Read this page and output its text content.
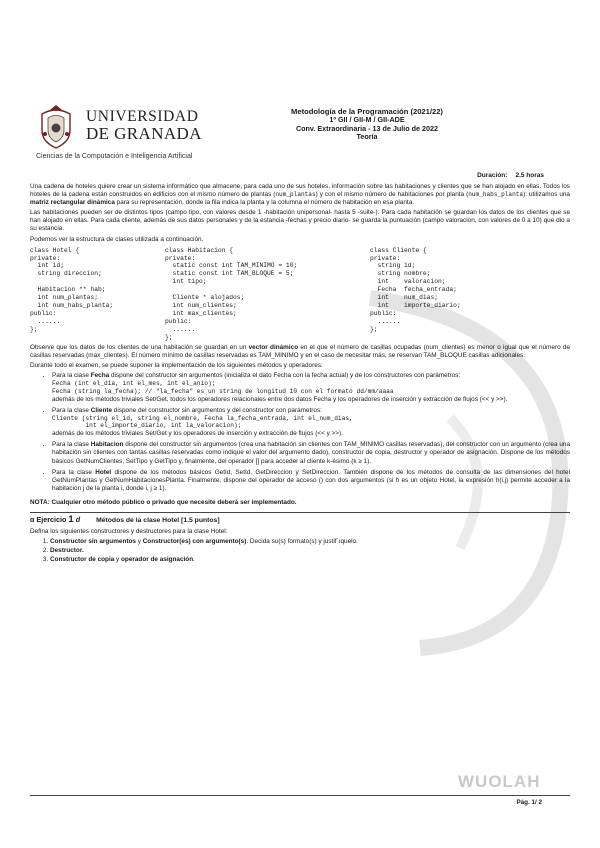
UNIVERSIDAD
DE GRANADA
Ciencias de la Computación e Inteligencia Artificial
Metodología de la Programación (2021/22)
1º GII / GII-M / GII-ADE
Conv. Extraordinaria - 13 de Julio de 2022
Teoría
Duración: 2.5 horas

Una cadena de hoteles quiere crear un sistema informático que almacene, para cada uno de sus hoteles, información sobre las habitaciones y clientes que se han alojado en ellas. Todos los hoteles de la cadena están construidos en edificios con el mismo número de plantas (num_plantas) y con el mismo número de habitaciones por planta (num_habs_planta): utilizamos una matriz rectangular dinámica para su representación, donde la fila indica la planta y la columna el número de habitación en esa planta.

Las habitaciones pueden ser de distintos tipos (campo tipo, con valores desde 1 -habitación unipersonal- hasta 5 -suite-). Para cada habitación se guardan los datos de los clientes que se han alojado en ellas. Para cada cliente, además de sus datos personales y de la estancia -fechas y precio diario- se guarda la puntuación (campo valoracion, con valores de 0 a 10) que dio a su estancia.

Podemos ver la estructura de clases utilizada a continuación.

class Hotel {
private:
int id;
string direccion;

Habitacion ** hab;
int num_plantas;
int num_habs_planta;
public:
......
};
class Habitacion {
private:
static const int TAM_MINIMO = 10;
static const int TAM_BLOQUE = 5;
int tipo;

Cliente * alojados;
int num_clientes;
int max_clientes;
public:
......
};
class Cliente {
private:
string id;
string nombre;
int    valoracion;
Fecha  fecha_entrada;
int    num_dias;
int    importe_diario;
public:
......
};

Observe que los datos de los clientes de una habitación se guardan en un vector dinámico en el que el número de casillas ocupadas (num_clientes) es menor o igual que el número de casillas reservadas (max_clientes). El número mínimo de casillas reservadas es TAM_MINIMO y en el caso de necesitar más, se reservan TAM_BLOQUE casillas adicionales.

Durante todo el examen, se puede suponer la implementación de los siguientes métodos y operadores:

• Para la clase Fecha dispone del constructor sin argumentos (inicializa el dato Fecha con la fecha actual) y de los constructores con parámetros:
Fecha (int el_dia, int el_mes, int el_anio);
Fecha (string la_fecha); // "la_fecha" es un string de longitud 10 con el formato dd/mm/aaaa
además de los métodos triviales Set/Get, todos los operadores relacionales entre dos datos Fecha y los operadores de inserción y extracción de flujos (<< y >>).
• Para la clase Cliente dispone del constructor sin argumentos y del constructor con parámetros:
Cliente (string el_id, string el_nombre, Fecha la_fecha_entrada, int el_num_dias,
int el_importe_diario, int la_valoracion);
además de los métodos triviales Set/Get y los operadores de inserción y extracción de flujos (<< y >>).
• Para la clase Habitacion dispone del constructor sin argumentos (crea una habitación sin clientes con TAM_MINIMO casillas reservadas), del constructor con un argumento (crea una habitación sin clientes con tantas casillas reservadas como indique el valor del argumento dado), constructor de copia, destructor y operador de asignación. Dispone de los métodos básicos GetNumClientes, SetTipo y GetTipo y, finalmente, del operador [] para acceder al cliente k-ésimo (k ≥ 1).
• Para la clase Hotel dispone de los métodos básicos GetId, SetId, GetDireccion y SetDireccion. También dispone de los métodos de consulta de las dimensiones del hotel GetNumPlantas y GetNumHabitacionesPlanta. Finalmente, dispone del operador de acceso () con dos argumentos (si h es un objeto Hotel, la expresión h(i,j) permite acceder a la habitación j de la planta i, donde i, j ≥ 1).

NOTA: Cualquier otro método público o privado que necesite deberá ser implementado.

α Ejercicio 1 d Métodos de la clase Hotel [1.5 puntos]

Defina los siguientes constructores y destructores para la clase Hotel:

1. Constructor sin argumentos y Constructor(es) con argumento(s). Decida su(s) formato(s) y justif´ıquelo.
2. Destructor.
3. Constructor de copia y operador de asignación.
WUOLAH
Pág. 1/ 2
